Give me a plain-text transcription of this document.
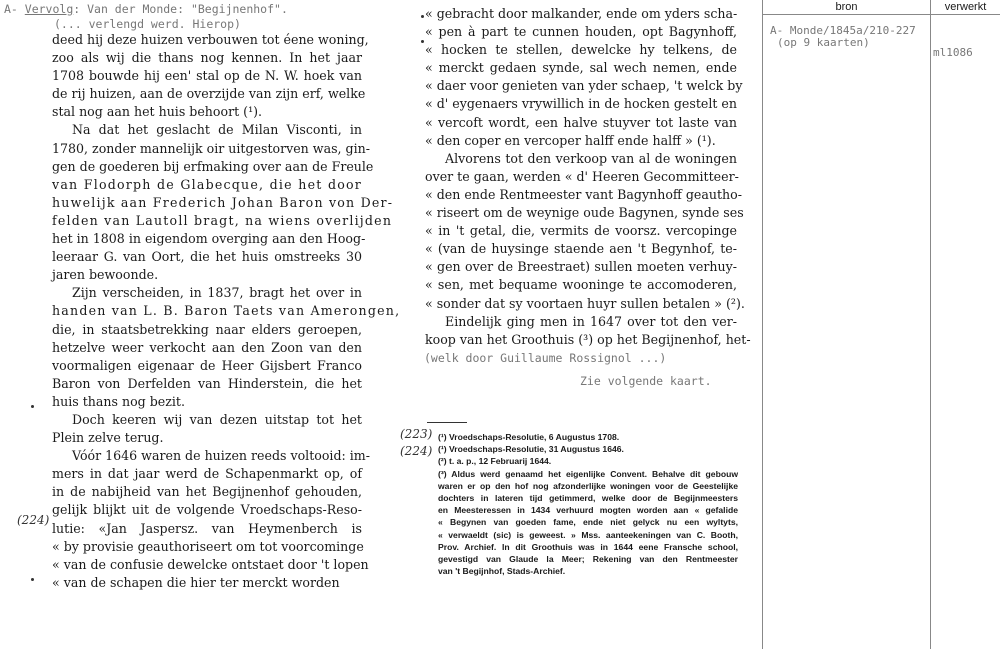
A- Vervolg: Van der Monde: "Begijnenhof".
(... verlengd werd. Hierop)
deed hij deze huizen verbouwen tot éene woning,
zoo als wij die thans nog kennen. In het jaar
1708 bouwde hij een' stal op de N. W. hoek van
de rij huizen, aan de overzijde van zijn erf, welke
stal nog aan het huis behoort (¹).
Na dat het geslacht de Milan Visconti, in
1780, zonder mannelijk oir uitgestorven was, gin-
gen de goederen bij erfmaking over aan de Freule
van Flodorph de Glabecque, die het door
huwelijk aan Frederich Johan Baron von Der-
felden van Lautoll bragt, na wiens overlijden
het in 1808 in eigendom overging aan den Hoog-
leeraar G. van Oort, die het huis omstreeks 30
jaren bewoonde.
Zijn verscheiden, in 1837, bragt het over in
handen van L. B. Baron Taets van Amerongen,
die, in staatsbetrekking naar elders geroepen,
hetzelve weer verkocht aan den Zoon van den
voormaligen eigenaar de Heer Gijsbert Franco
Baron von Derfelden van Hinderstein, die het
huis thans nog bezit.
Doch keeren wij van dezen uitstap tot het
Plein zelve terug.
Vóór 1646 waren de huizen reeds voltooid: im-
mers in dat jaar werd de Schapenmarkt op, of
in de nabijheid van het Begijnenhof gehouden,
gelijk blijkt uit de volgende Vroedschaps-Reso-
lutie: «Jan Jaspersz. van Heymenberch is
« by provisie geauthoriseert om tot voorcominge
« van de confusie dewelcke ontstaet door 't lopen
« van de schapen die hier ter merckt worden
« gebracht door malkander, ende om yders scha-
« pen à part te cunnen houden, opt Bagynhoff,
« hocken te stellen, dewelcke hy telkens, de
« merckt gedaen synde, sal wech nemen, ende
« daer voor genieten van yder schaep, 't welck by
« d' eygenaers vrywillich in de hocken gestelt en
« vercoft wordt, een halve stuyver tot laste van
« den coper en vercoper halff ende halff » (¹).
Alvorens tot den verkoop van al de woningen
over te gaan, werden « d' Heeren Gecommitteer-
« den ende Rentmeester vant Bagynhoff geautho-
« riseert om de weynige oude Bagynen, synde ses
« in 't getal, die, vermits de voorsz. vercopinge
« (van de huysinge staende aen 't Begynhof, te-
« gen over de Breestraet) sullen moeten verhuy-
« sen, met bequame wooninge te accomoderen,
« sonder dat sy voortaen huyr sullen betalen » (²).
Eindelijk ging men in 1647 over tot den ver-
koop van het Groothuis (³) op het Begijnenhof, het-
(welk door Guillaume Rossignol ...)
Zie volgende kaart.
(224)
(223)
(224)
(¹) Vroedschaps-Resolutie, 6 Augustus 1708.
(¹) Vroedschaps-Resolutie, 31 Augustus 1646.
(²) t. a. p., 12 Februarij 1644.
(³) Aldus werd genaamd het eigenlijke Convent. Behalve dit gebouw
waren er op den hof nog afzonderlijke woningen voor de Geestelijke
dochters in lateren tijd getimmerd, welke door de Begijnmeesters
en Meesteressen in 1434 verhuurd mogten worden aan « gefalide
« Begynen van goeden fame, ende niet gelyck nu een wyltyts,
« verwaeldt (sic) is geweest. » Mss. aanteekeningen van C. Booth,
Prov. Archief. In dit Groothuis was in 1644 eene Fransche school,
gevestigd van Glaude la Meer; Rekening van den Rentmeester
van 't Begijnhof, Stads-Archief.
bron	verwerkt
A- Monde/1845a/210-227
(op 9 kaarten)
ml1086
